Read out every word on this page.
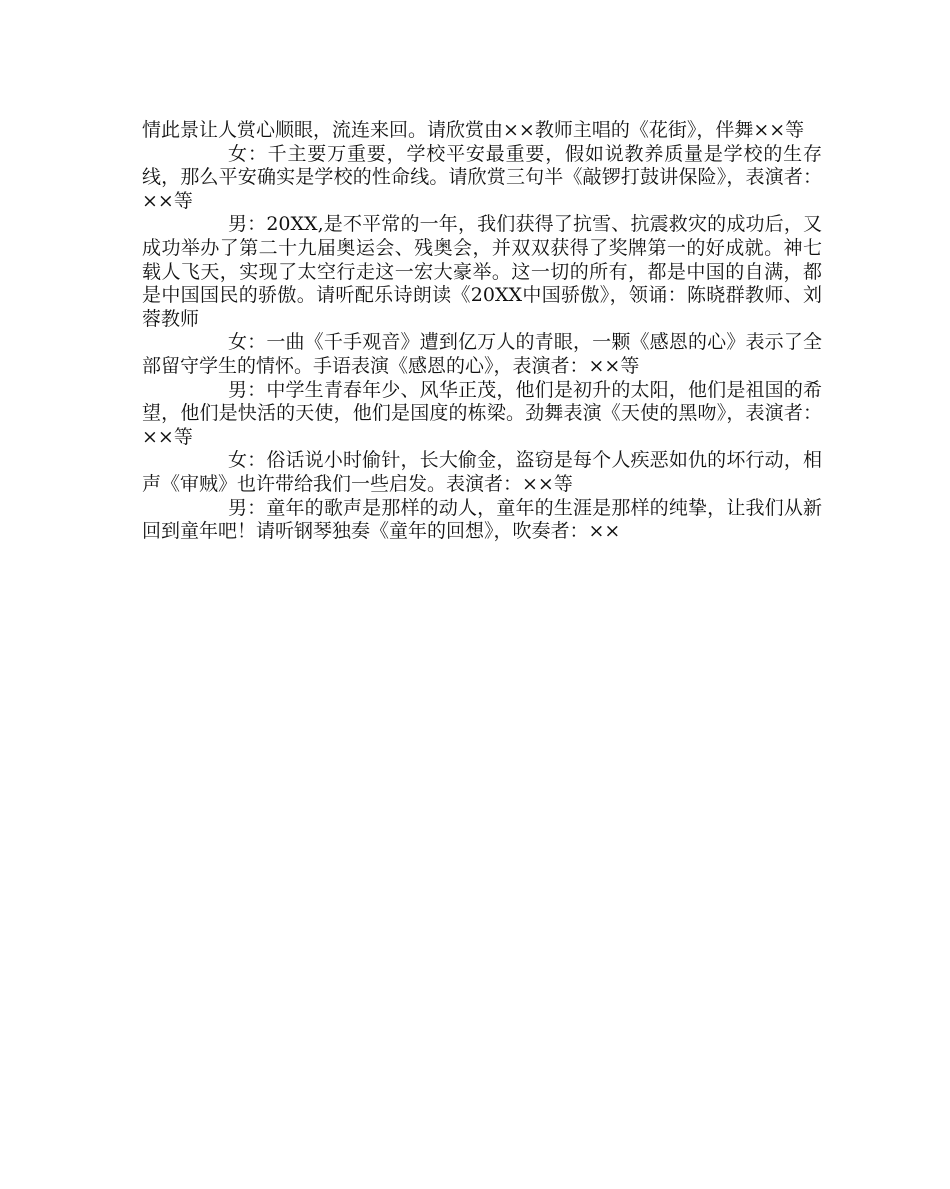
情此景让人赏心顺眼，流连来回。请欣赏由××教师主唱的《花街》，伴舞××等

女：千主要万重要，学校平安最重要，假如说教养质量是学校的生存线，那么平安确实是学校的性命线。请欣赏三句半《敲锣打鼓讲保险》，表演者：××等

男：20XX,是不平常的一年，我们获得了抗雪、抗震救灾的成功后，又成功举办了第二十九届奥运会、残奥会，并双双获得了奖牌第一的好成就。神七载人飞天，实现了太空行走这一宏大豪举。这一切的所有，都是中国的自满，都是中国国民的骄傲。请听配乐诗朗读《20XX中国骄傲》，领诵：陈晓群教师、刘蓉教师

女：一曲《千手观音》遭到亿万人的青眼，一颗《感恩的心》表示了全部留守学生的情怀。手语表演《感恩的心》，表演者：××等

男：中学生青春年少、风华正茂，他们是初升的太阳，他们是祖国的希望，他们是快活的天使，他们是国度的栋梁。劲舞表演《天使的黑吻》，表演者：××等

女：俗话说小时偷针，长大偷金，盗窃是每个人疾恶如仇的坏行动，相声《审贼》也许带给我们一些启发。表演者：××等

男：童年的歌声是那样的动人，童年的生涯是那样的纯挚，让我们从新回到童年吧！请听钢琴独奏《童年的回想》，吹奏者：××
